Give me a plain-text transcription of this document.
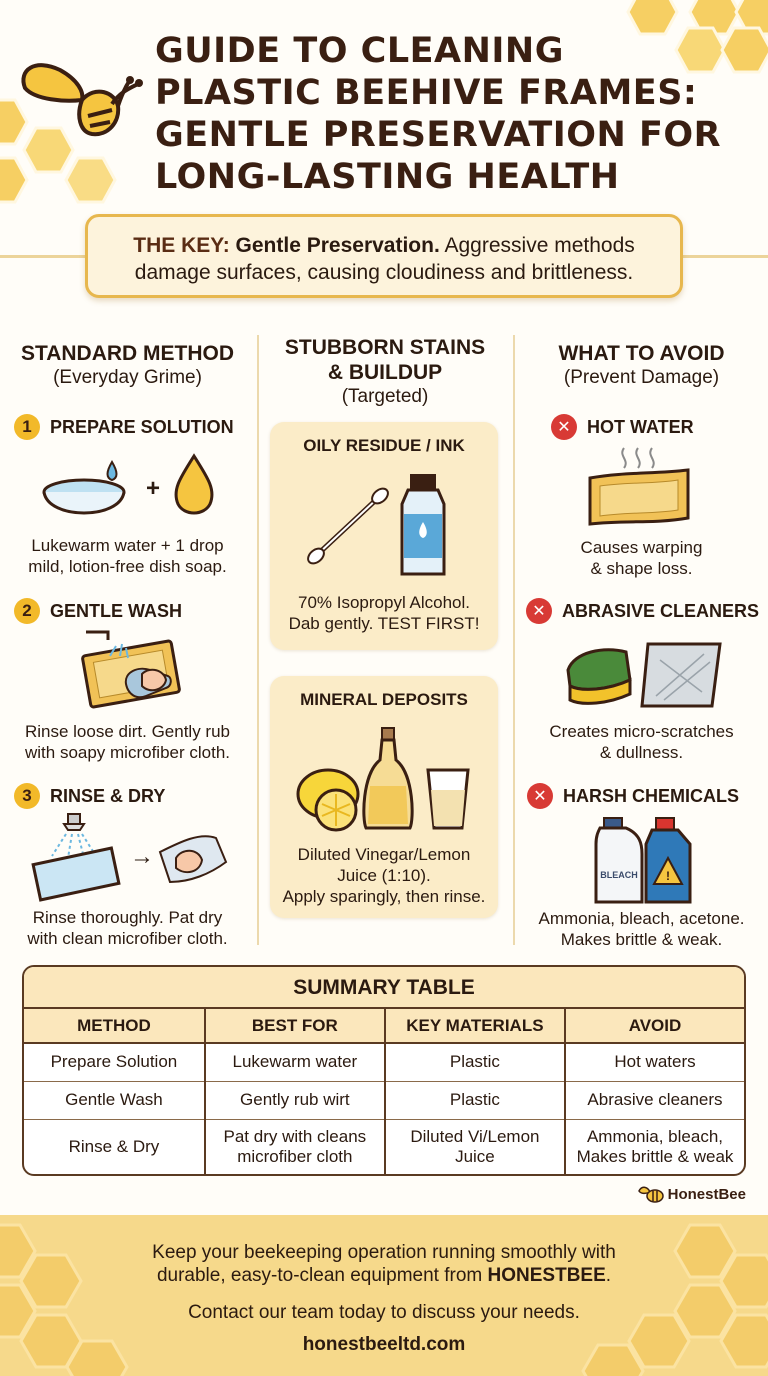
GUIDE TO CLEANING
PLASTIC BEEHIVE FRAMES:
GENTLE PRESERVATION FOR
LONG-LASTING HEALTH
THE KEY: Gentle Preservation. Aggressive methods
damage surfaces, causing cloudiness and brittleness.
STANDARD METHOD
(Everyday Grime)
1	PREPARE SOLUTION
+
Lukewarm water + 1 drop
mild, lotion-free dish soap.
2	GENTLE WASH
Rinse loose dirt. Gently rub
with soapy microfiber cloth.
3	RINSE & DRY
→
Rinse thoroughly. Pat dry
with clean microfiber cloth.
STUBBORN STAINS
& BUILDUP
(Targeted)
OILY RESIDUE / INK
70% Isopropyl Alcohol.
Dab gently. TEST FIRST!
MINERAL DEPOSITS
Diluted Vinegar/Lemon
Juice (1:10).
Apply sparingly, then rinse.
WHAT TO AVOID
(Prevent Damage)
✕ HOT WATER
Causes warping
& shape loss.
✕ ABRASIVE CLEANERS
Creates micro-scratches
& dullness.
✕ HARSH CHEMICALS
BLEACH	!
Ammonia, bleach, acetone.
Makes brittle & weak.
SUMMARY TABLE
METHOD	BEST FOR	KEY MATERIALS	AVOID
Prepare Solution	Lukewarm water	Plastic	Hot waters
Gentle Wash	Gently rub wirt	Plastic	Abrasive cleaners
Rinse & Dry	Pat dry with cleans microfiber cloth	Diluted Vi/Lemon Juice	Ammonia, bleach, Makes brittle & weak
HonestBee
Keep your beekeeping operation running smoothly with
durable, easy-to-clean equipment from HONESTBEE.
Contact our team today to discuss your needs.
honestbeeltd.com
